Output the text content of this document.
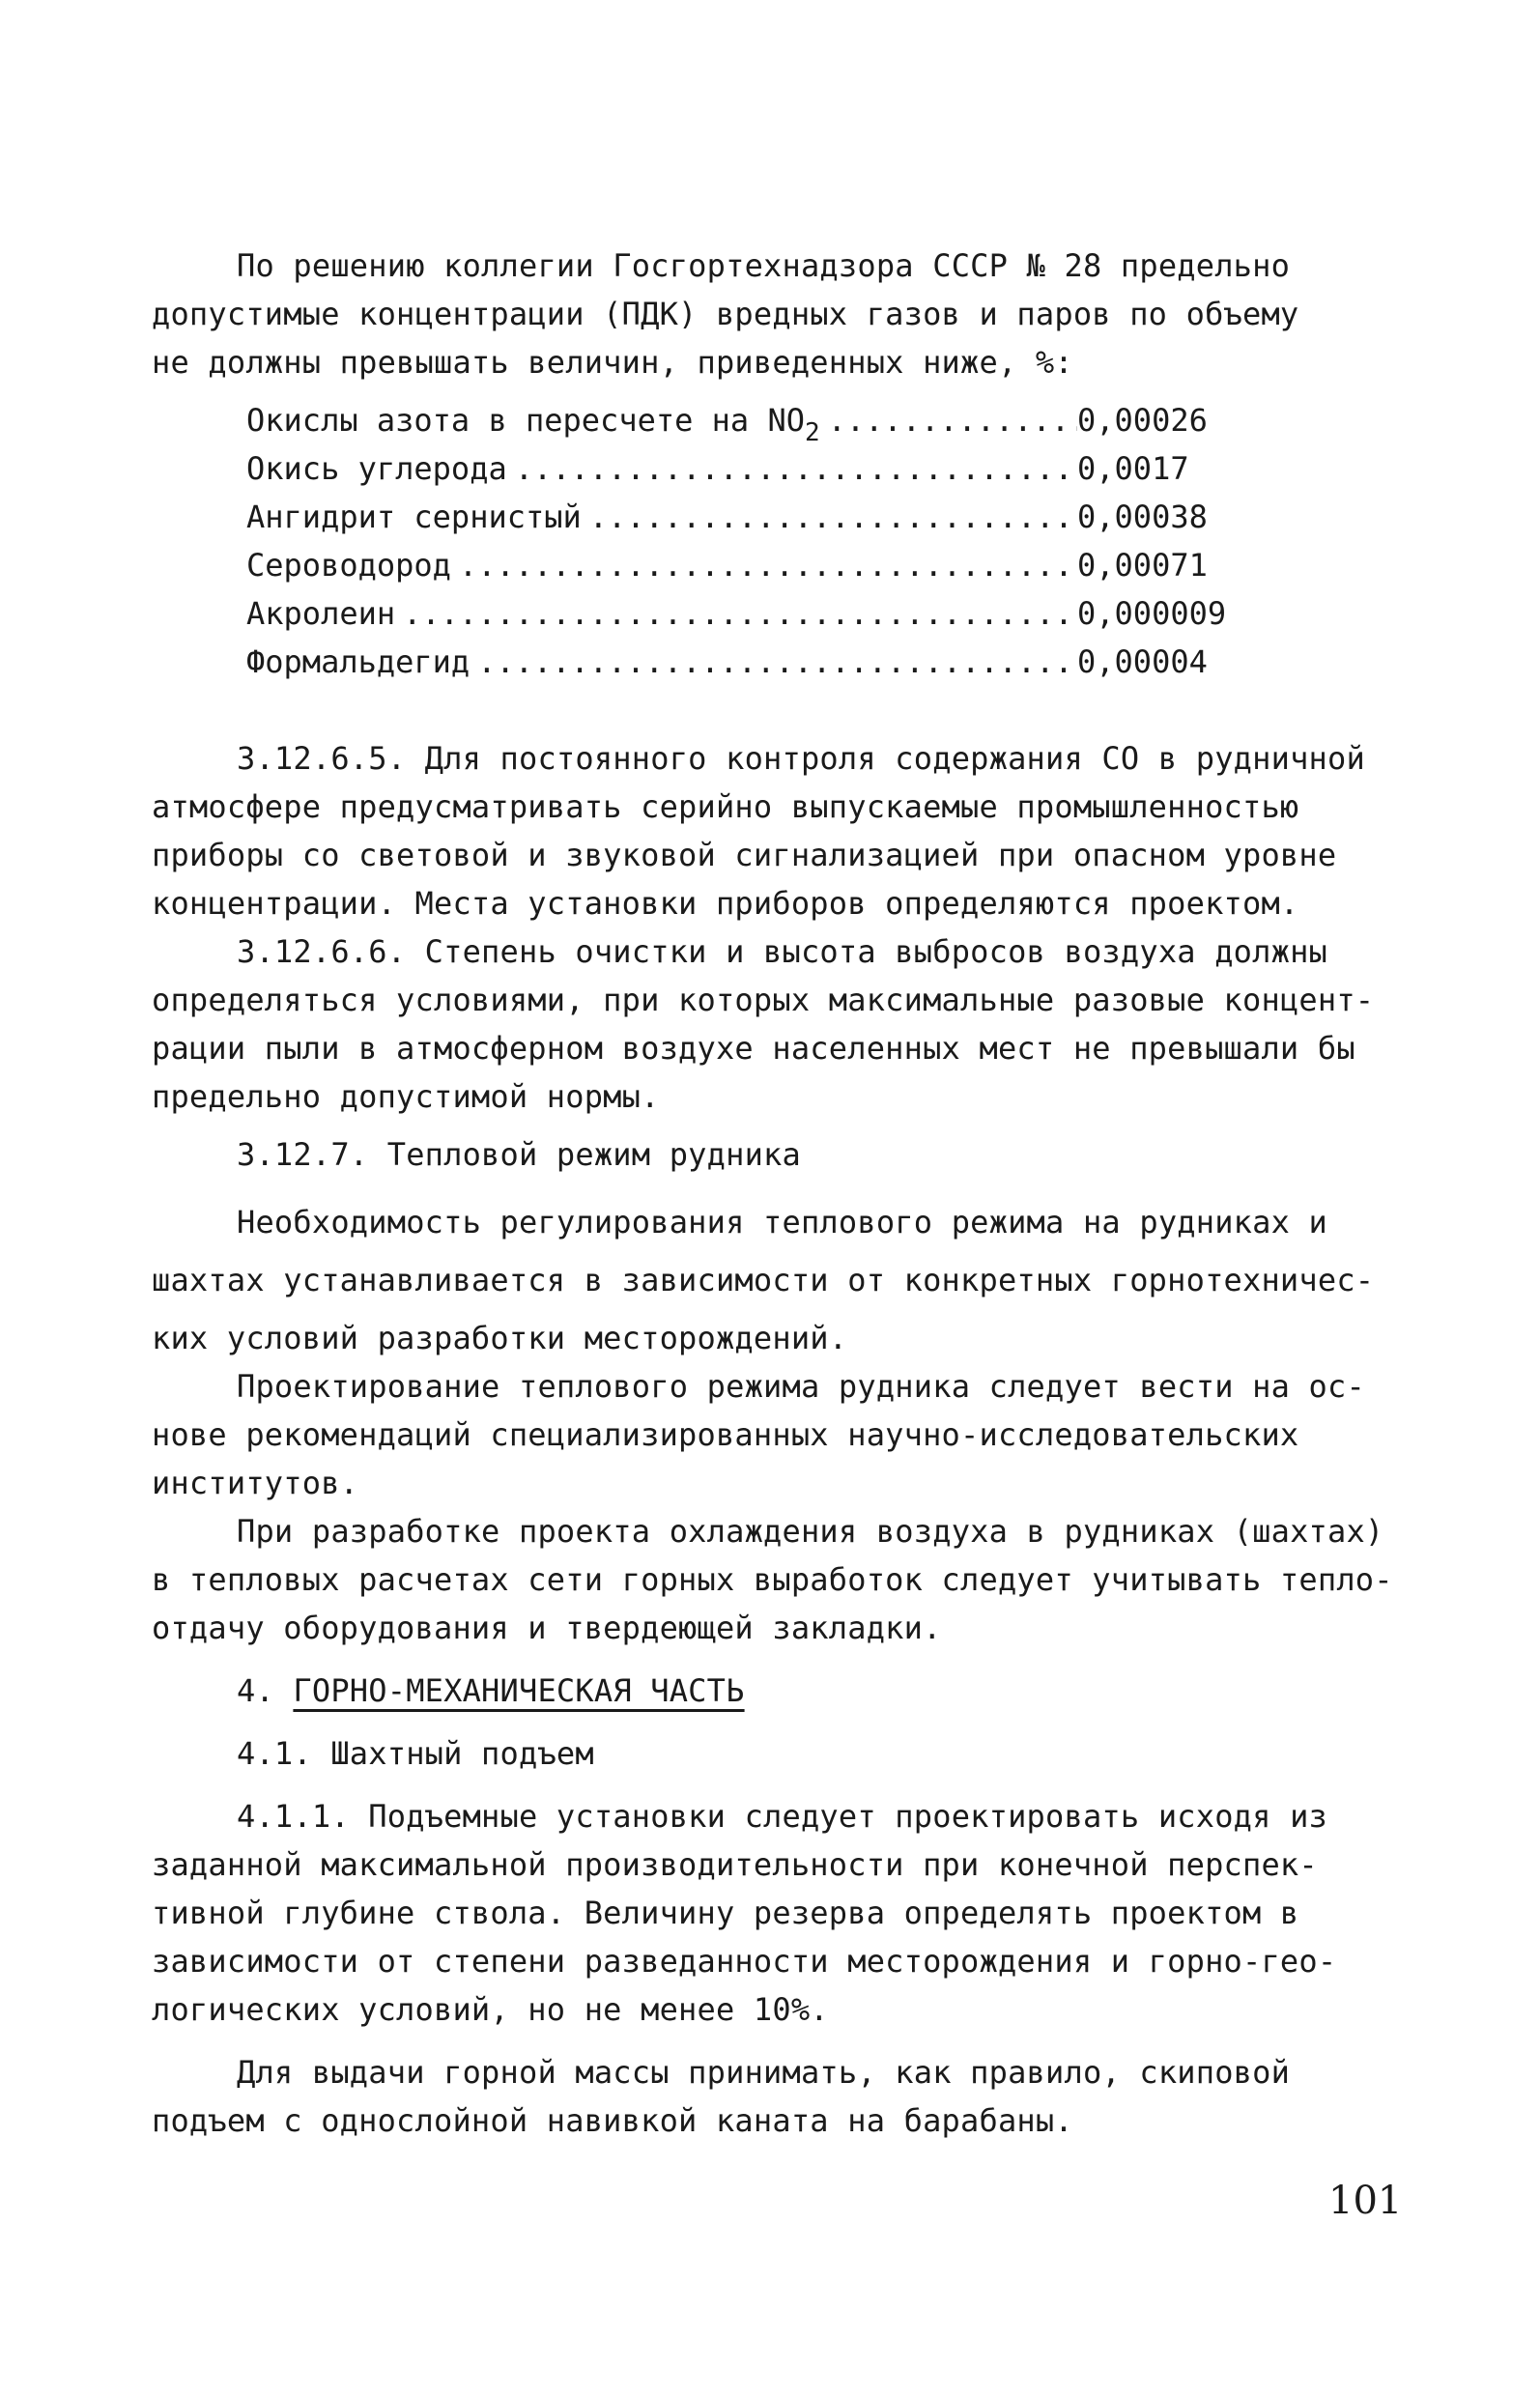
По решению коллегии Госгортехнадзора СССР № 28 предельно
допустимые концентрации (ПДК) вредных газов и паров по объему
не должны превышать величин, приведенных ниже, %:
Окислы азота в пересчете на $NO_2$ .....	0,00026
Окись углерода .....	0,0017
Ангидрит сернистый .....	0,00038
Сероводород .....	0,00071
Акролеин .....	0,000009
Формальдегид .....	0,00004
3.12.6.5. Для постоянного контроля содержания СО в рудничной
атмосфере предусматривать серийно выпускаемые промышленностью
приборы со световой и звуковой сигнализацией при опасном уровне
концентрации. Места установки приборов определяются проектом.
3.12.6.6. Степень очистки и высота выбросов воздуха должны
определяться условиями, при которых максимальные разовые концент-
рации пыли в атмосферном воздухе населенных мест не превышали бы
предельно допустимой нормы.
3.12.7. Тепловой режим рудника
Необходимость регулирования теплового режима на рудниках и
шахтах устанавливается в зависимости от конкретных горнотехничес-
ких условий разработки месторождений.
Проектирование теплового режима рудника следует вести на ос-
нове рекомендаций специализированных научно-исследовательских
институтов.
При разработке проекта охлаждения воздуха в рудниках (шахтах)
в тепловых расчетах сети горных выработок следует учитывать тепло-
отдачу оборудования и твердеющей закладки.
4. ГОРНО-МЕХАНИЧЕСКАЯ ЧАСТЬ
4.1. Шахтный подъем
4.1.1. Подъемные установки следует проектировать исходя из
заданной максимальной производительности при конечной перспек-
тивной глубине ствола. Величину резерва определять проектом в
зависимости от степени разведанности месторождения и горно-гео-
логических условий, но не менее 10%.
Для выдачи горной массы принимать, как правило, скиповой
подъем с однослойной навивкой каната на барабаны.
101
